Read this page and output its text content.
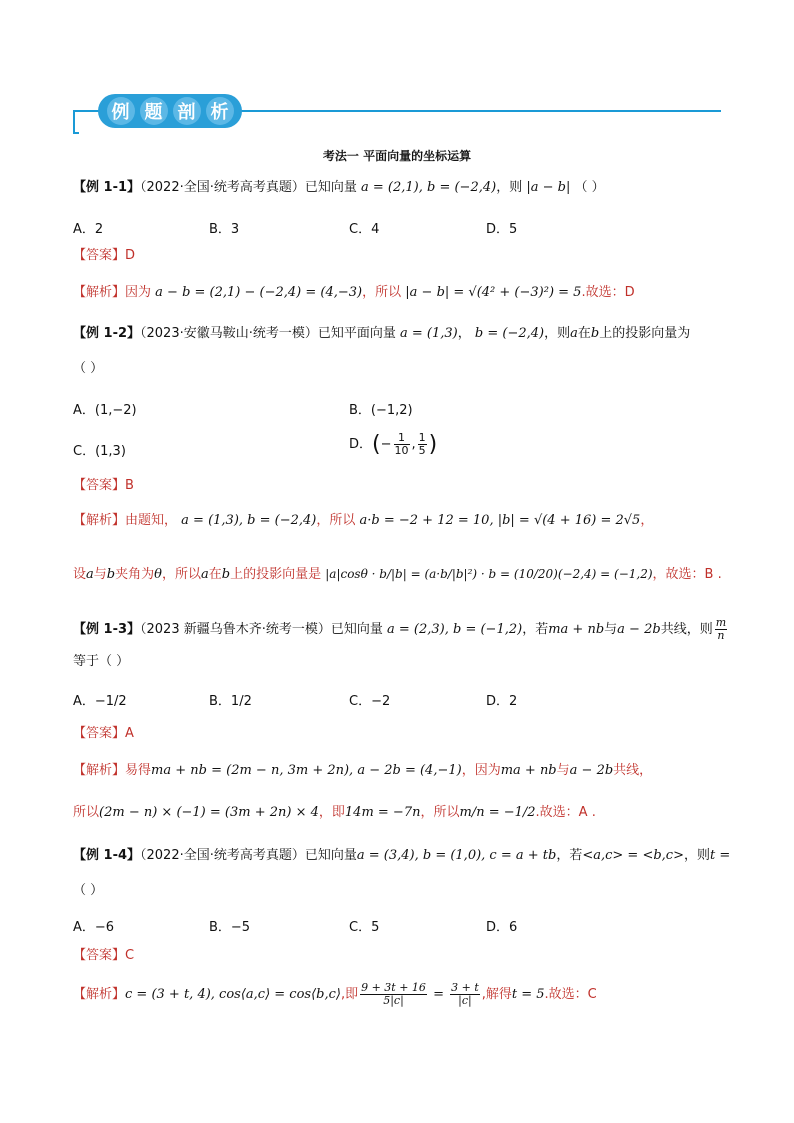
例 题 剖 析
考法一 平面向量的坐标运算
【例 1-1】（2022·全国·统考高考真题）已知向量 a = (2,1), b = (−2,4)，则 |a − b| （ ）
A．2	B．3	C．4	D．5
【答案】D
【解析】因为 a − b = (2,1) − (−2,4) = (4,−3)，所以 |a − b| = √(4² + (−3)²) = 5.故选：D
【例 1-2】（2023·安徽马鞍山·统考一模）已知平面向量 a = (1,3)， b = (−2,4)，则a在b上的投影向量为
（ ）
A．(1,−2)	B．(−1,2)
C．(1,3)	D．(− $\frac{1}{10}$ , $\frac{1}{5}$ )
【答案】B
【解析】由题知， a = (1,3), b = (−2,4)，所以 a·b = −2 + 12 = 10, |b| = √(4 + 16) = 2√5，
设a与b夹角为θ，所以a在b上的投影向量是 |a|cosθ · b/|b| = (a·b/|b|²) · b = (10/20)(−2,4) = (−1,2)，故选：B .
【例 1-3】（2023 新疆乌鲁木齐·统考一模）已知向量 a = (2,3), b = (−1,2)，若ma + nb与a − 2b共线，则 $\frac{m}{n}$
等于（ ）
A．−1/2	B．1/2	C．−2	D．2
【答案】A
【解析】易得ma + nb = (2m − n, 3m + 2n), a − 2b = (4,−1)，因为ma + nb与a − 2b共线，
所以(2m − n) × (−1) = (3m + 2n) × 4，即14m = −7n，所以m/n = −1/2.故选：A .
【例 1-4】（2022·全国·统考高考真题）已知向量a = (3,4), b = (1,0), c = a + tb，若<a,c> = <b,c>，则t =
（ ）
A．−6	B．−5	C．5	D．6
【答案】C
【解析】c = (3 + t, 4), cos⟨a,c⟩ = cos⟨b,c⟩,即 $\frac{9 + 3t + 16}{5|c|} = \frac{3 + t}{|c|}$ ,解得t = 5.故选：C
